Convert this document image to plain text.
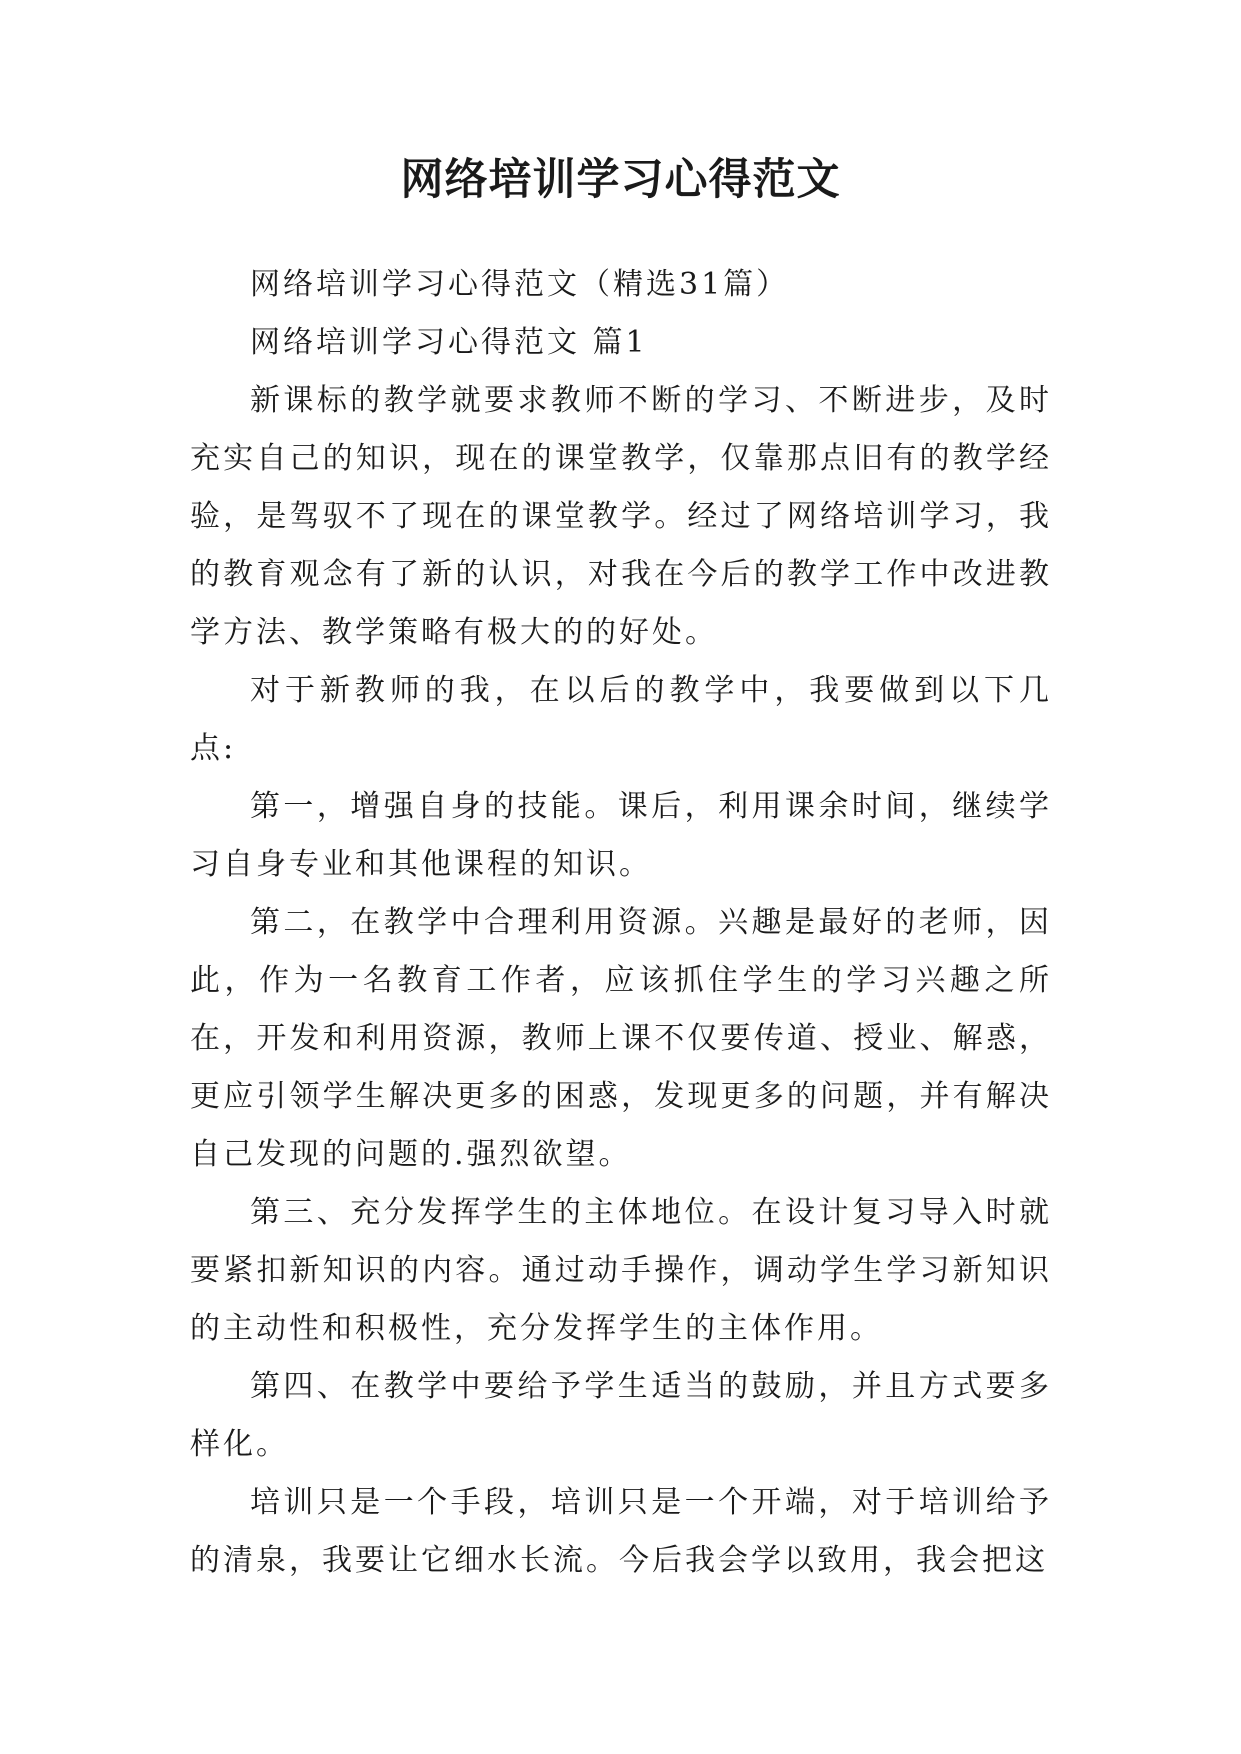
网络培训学习心得范文

网络培训学习心得范文（精选31篇）

网络培训学习心得范文 篇1

新课标的教学就要求教师不断的学习、不断进步，及时充实自己的知识，现在的课堂教学，仅靠那点旧有的教学经验，是驾驭不了现在的课堂教学。经过了网络培训学习，我的教育观念有了新的认识，对我在今后的教学工作中改进教学方法、教学策略有极大的的好处。

对于新教师的我，在以后的教学中，我要做到以下几点:

第一，增强自身的技能。课后，利用课余时间，继续学习自身专业和其他课程的知识。

第二，在教学中合理利用资源。兴趣是最好的老师，因此，作为一名教育工作者，应该抓住学生的学习兴趣之所在，开发和利用资源，教师上课不仅要传道、授业、解惑，更应引领学生解决更多的困惑，发现更多的问题，并有解决自己发现的问题的.强烈欲望。

第三、充分发挥学生的主体地位。在设计复习导入时就要紧扣新知识的内容。通过动手操作，调动学生学习新知识的主动性和积极性，充分发挥学生的主体作用。

第四、在教学中要给予学生适当的鼓励，并且方式要多样化。

培训只是一个手段，培训只是一个开端，对于培训给予的清泉，我要让它细水长流。今后我会学以致用，我会把这
